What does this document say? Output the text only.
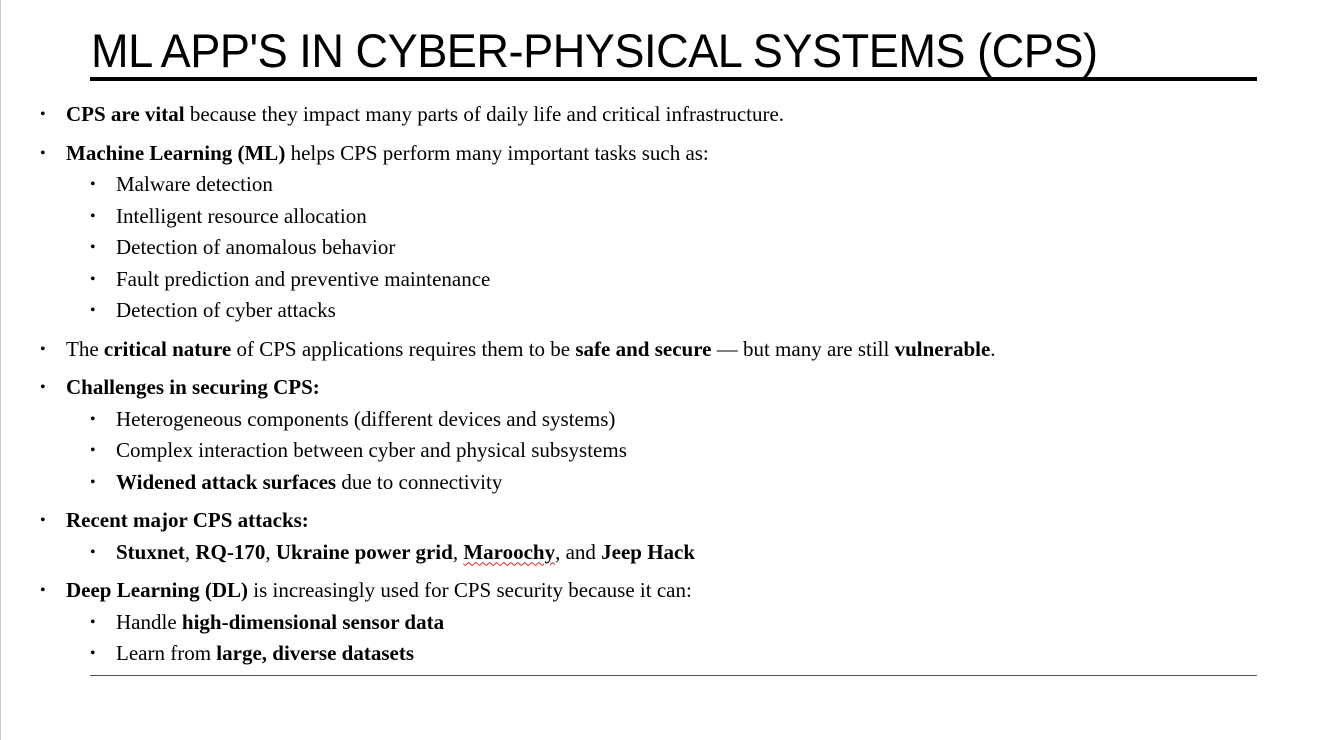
ML APP'S IN CYBER-PHYSICAL SYSTEMS (CPS)
• CPS are vital because they impact many parts of daily life and critical infrastructure.
• Machine Learning (ML) helps CPS perform many important tasks such as:
• Malware detection
• Intelligent resource allocation
• Detection of anomalous behavior
• Fault prediction and preventive maintenance
• Detection of cyber attacks
• The critical nature of CPS applications requires them to be safe and secure — but many are still vulnerable.
• Challenges in securing CPS:
• Heterogeneous components (different devices and systems)
• Complex interaction between cyber and physical subsystems
• Widened attack surfaces due to connectivity
• Recent major CPS attacks:
• Stuxnet, RQ-170, Ukraine power grid, Maroochy, and Jeep Hack
• Deep Learning (DL) is increasingly used for CPS security because it can:
• Handle high-dimensional sensor data
• Learn from large, diverse datasets
